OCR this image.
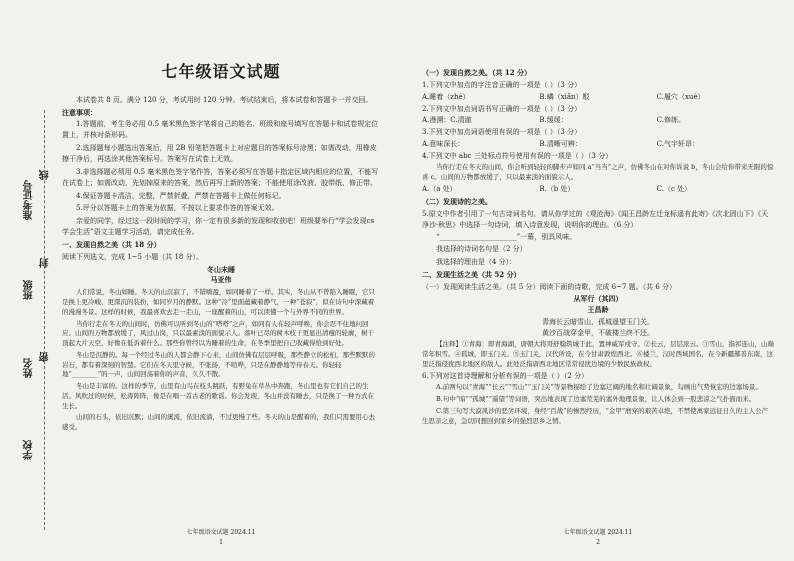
准考证号
班级
姓名
学校
线
封
密
七年级语文试题

本试卷共 8 页。满分 120 分，考试用时 120 分钟。考试结束后，将本试卷和答题卡一并交回。

注意事项：

1.答题前，考生务必用 0.5 毫米黑色签字笔将自己的姓名、班级和座号填写在答题卡和试卷规定位置上，并核对条形码。

2.选择题每小题选出答案后，用 2B 铅笔把答题卡上对应题目的答案标号涂黑；如需改动，用橡皮擦干净后，再选涂其他答案标号。答案写在试卷上无效。

3.非选择题必须用 0.5 毫米黑色签字笔作答，答案必须写在答题卡指定区域内相应的位置，不能写在试卷上；如需改动，先划掉原来的答案，然后再写上新的答案；不能使用涂改液、胶带纸、修正带。

4.保证答题卡清洁、完整，严禁折叠，严禁在答题卡上做任何标记。

5.评分以答题卡上的答案为依据，不按以上要求作答的答案无效。

亲爱的同学，经过这一段时间的学习，你一定有很多新的发现和收获吧！班级要举行“学会发现cs学会生活”语文主题学习活动，请完成任务。

一、发现自然之美（共 18 分）

阅读下列选文，完成 1~5 小题（共 18 分）。

冬山未睡

马亚伟

人们常说，冬山如睡。冬天的山沉寂了，不错嗨盈，如同睡着了一样。其实，冬山从不曾陷入睡眠，它只是换上更冷峻、更深沉的装扮，如同岁月的静默。这种“冷”里面蕴藏着静气，一种“苍寂”，似在诗句中深藏着的漫漫冬景。这样的时候，我最喜欢去走一走山，一座醒着的山，可以读懂一个与外界不同的世界。

当你行走在冬天的山间时，仿佛可以听到冬山的“嗒嗒”之声，如同有人在轻声呼唤，你会忍不住地问回应。山间的万物都放缓了，风过山岗，只以最素淡的面貌示人。落叶已尽的树木枝干更显出清瘦的轮廓，树干顶起大片天空，好像在低诉着什么。那些你曾经以为睡着的生命，在冬季里把自己收藏得恰到好处。

冬山是沉静的。每一个经过冬山的人都会静下心来，山间仿佛有层层呼吸，那些静立的松柏，那些默默的岩石，都有着深刻的智慧。它们在冬天里守候，不张扬，不喧哗，只是在静静地等待春天。你轻轻地“________”的一声，山间回荡着你的声音，久久不散。

冬山是丰富的。这样的季节，山里有山鸟在枝头跳跃，有野兔在草丛中奔跑，冬山里也有它们自己的生活。风吹过的时候，松涛阵阵，像是在唱一首古老的歌谣。你会发现，冬山并没有睡去，只是换了一种方式在生长。

山间的石头，依旧沉默；山间的溪流，依旧流淌，不过更慢了些。冬天的山是醒着的，我们只需要用心去感受。

七年级语文试题 2024.11
1

（一）发现自然之美。（共 12 分）

1.下列文中加点的字注音正确的一项是（ ）（3 分）

A.睡着（zhé）	B.嶙（xiǎn）駁	C.履穴（xuè）

2.下列文中加点词语书写正确的一项是（ ）（3 分）

A.漫溯：C.清澈	B.缓缓：	C.修练。

3.下列文中加点词语使用有误的一项是（ ）（3 分）

A.意味深长：	B.清晰可辨：	C.气宇轩昂：

4.下列文中 abc 三处标点符号使用有误的一项是（ ）（3 分）

当你行走在冬天的山间，你会听到轻轻的脚步声如同 a“当当”之声，仿佛冬山在对你诉说 b，冬山会给你带来无限的惊喜 c。山间的万物都放缓了，只以最素淡的面貌示人。

A.（a 处）	B.（b 处）	C.（c 处）

（二）发现诗的之美。

5.原文中作者引用了一句古诗词名句，请从你学过的《观沧海》《闻王昌龄左迁龙标遥有此寄》《次北固山下》《天净沙·秋思》中选择一句诗词，填入诗意发现，说明你的理由。（6 分）

“______________________”一幕，别具风味。

我选择的诗词名句是（2 分）

我选择的理由是（4 分）：

二、发现生活之美（共 52 分）

（一）发现阅读生活之美。（共 5 分）阅读下面的诗歌，完成 6~7 题。（共 6 分）

从军行（其四）

王昌龄

青海长云暗雪山，孤城遥望玉门关。

黄沙百战穿金甲，不破楼兰终不还。

【注释】①青海：即青海湖，唐朝大将哥舒翰筑城于此，置神威军戍守。②长云，层层浓云。③雪山，指祁连山，山巅常年积雪。④孤城，即玉门关。⑤玉门关，汉代所设，在今甘肃敦煌西北。⑥楼兰，汉时西域国名，在今新疆鄯善东南，这里泛指侵扰西北地区的敌人。此处泛指唐西北地区常常侵扰边境的少数民族政权。

6.下列对这首诗理解和分析有误的一项是（ ）（2 分）

A.前两句以“青海”“长云”“雪山”“玉门关”等景物描绘了边塞辽阔的地名和壮阔景象，勾画出气势恢宏的边塞场景。

B.句中“暗”“孤城”“遥望”等词语，突出地表现了边塞荒芜的塞外地理景象，让人体会到一股悲凉之气扑面而来。

C.第三句写大漠风沙的恶劣环境，身经“百战”的惨烈经历，“金甲”磨穿的艰苦卓绝，不禁使离家远征日久的主人公产生思亲之意，急切同想回到家乡的强烈思乡之情。

七年级语文试题 2024.11
2
